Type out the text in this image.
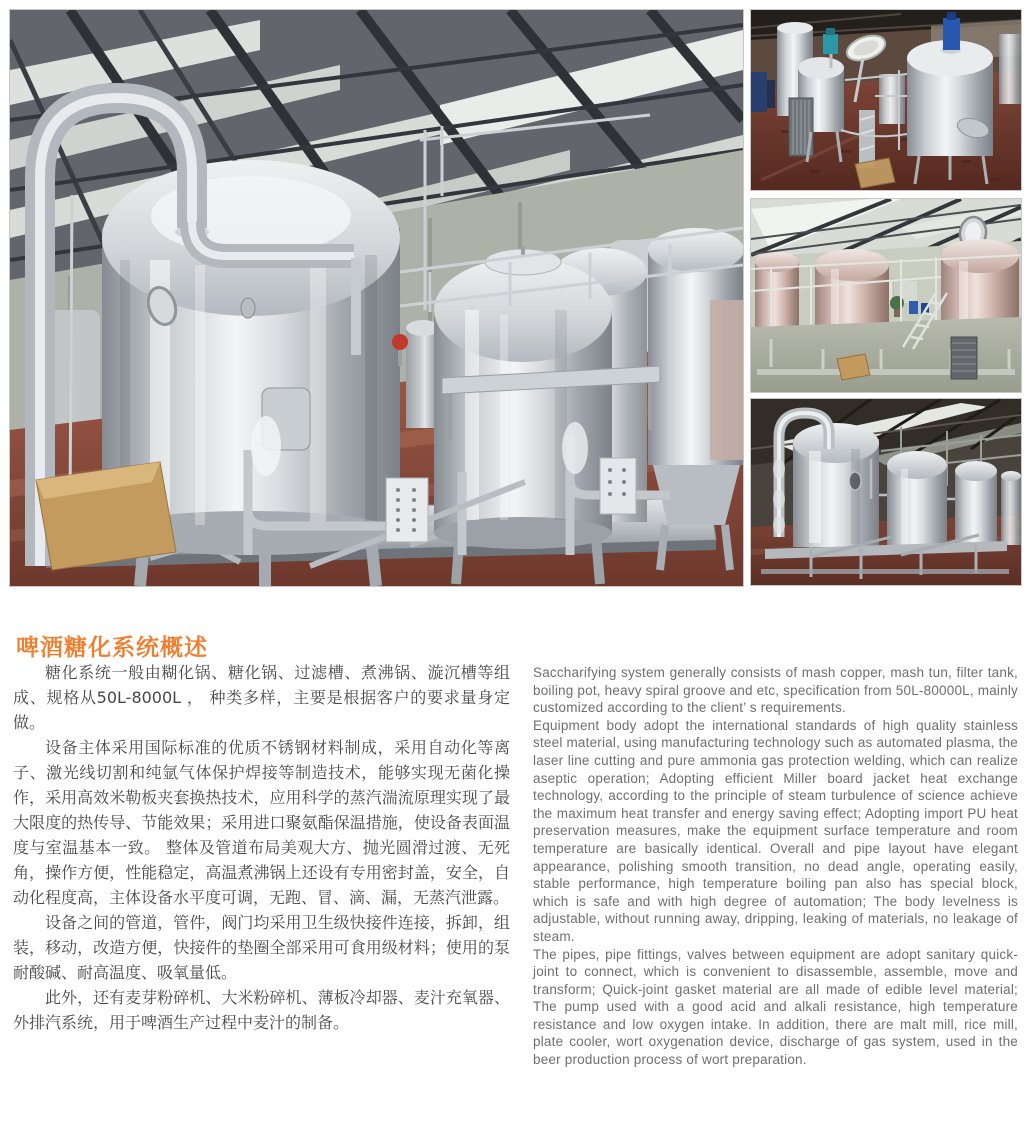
啤酒糖化系统概述

糖化系统一般由糊化锅、糖化锅、过滤槽、煮沸锅、漩沉槽等组成、规格从50L-8000L ， 种类多样，主要是根据客户的要求量身定做。

设备主体采用国际标准的优质不锈钢材料制成，采用自动化等离子、激光线切割和纯氩气体保护焊接等制造技术，能够实现无菌化操作，采用高效米勒板夹套换热技术，应用科学的蒸汽湍流原理实现了最大限度的热传导、节能效果；采用进口聚氨酯保温措施，使设备表面温度与室温基本一致。 整体及管道布局美观大方、抛光圆滑过渡、无死角，操作方便，性能稳定，高温煮沸锅上还设有专用密封盖，安全，自动化程度高，主体设备水平度可调，无跑、冒、滴、漏，无蒸汽泄露。

设备之间的管道，管件，阀门均采用卫生级快接件连接，拆卸，组装，移动，改造方便，快接件的垫圈全部采用可食用级材料；使用的泵耐酸碱、耐高温度、吸氧量低。

此外，还有麦芽粉碎机、大米粉碎机、薄板冷却器、麦汁充氧器、外排汽系统，用于啤酒生产过程中麦汁的制备。

Saccharifying system generally consists of mash copper, mash tun, filter tank, boiling pot, heavy spiral groove and etc, specification from 50L-80000L, mainly customized according to the client’ s requirements.

Equipment body adopt the international standards of high quality stainless steel material, using manufacturing technology such as automated plasma, the laser line cutting and pure ammonia gas protection welding, which can realize aseptic operation; Adopting efficient Miller board jacket heat exchange technology, according to the principle of steam turbulence of science achieve the maximum heat transfer and energy saving effect; Adopting import PU heat preservation measures, make the equipment surface temperature and room temperature are basically identical. Overall and pipe layout have elegant appearance, polishing smooth transition, no dead angle, operating easily, stable performance, high temperature boiling pan also has special block, which is safe and with high degree of automation; The body levelness is adjustable, without running away, dripping, leaking of materials, no leakage of steam.

The pipes, pipe fittings, valves between equipment are adopt sanitary quick-joint to connect, which is convenient to disassemble, assemble, move and transform; Quick-joint gasket material are all made of edible level material; The pump used with a good acid and alkali resistance, high temperature resistance and low oxygen intake. In addition, there are malt mill, rice mill, plate cooler, wort oxygenation device, discharge of gas system, used in the beer production process of wort preparation.
